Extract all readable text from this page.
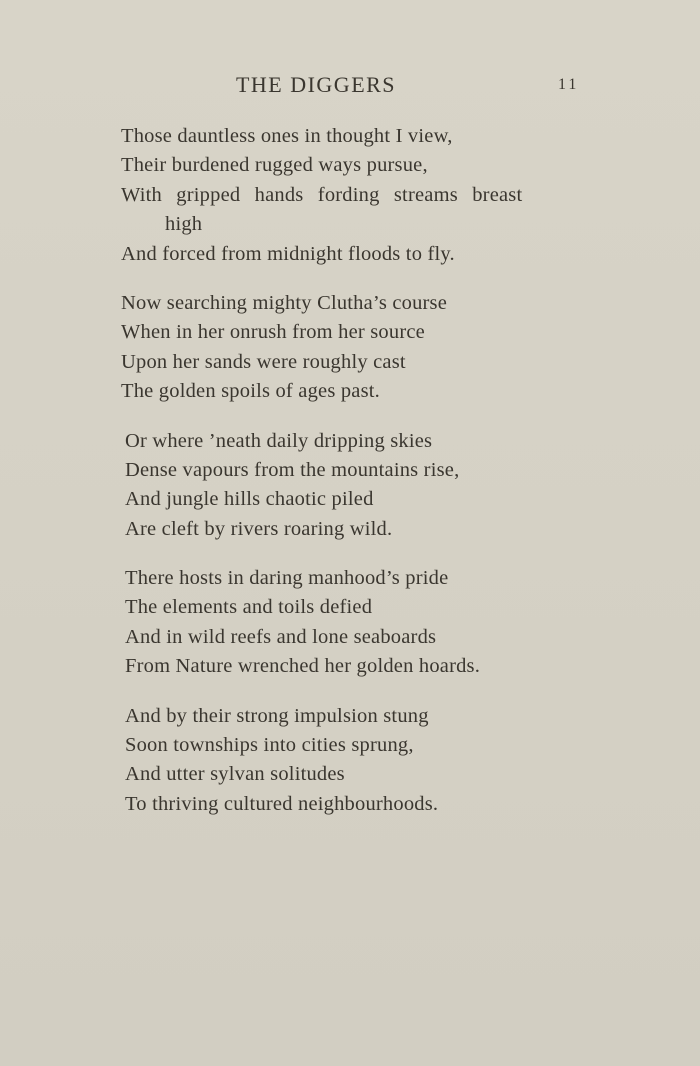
THE DIGGERS	11
Those dauntless ones in thought I view,
Their burdened rugged ways pursue,
With gripped hands fording streams breast
high
And forced from midnight floods to fly.
Now searching mighty Clutha’s course
When in her onrush from her source
Upon her sands were roughly cast
The golden spoils of ages past.
Or where ’neath daily dripping skies
Dense vapours from the mountains rise,
And jungle hills chaotic piled
Are cleft by rivers roaring wild.
There hosts in daring manhood’s pride
The elements and toils defied
And in wild reefs and lone seaboards
From Nature wrenched her golden hoards.
And by their strong impulsion stung
Soon townships into cities sprung,
And utter sylvan solitudes
To thriving cultured neighbourhoods.
